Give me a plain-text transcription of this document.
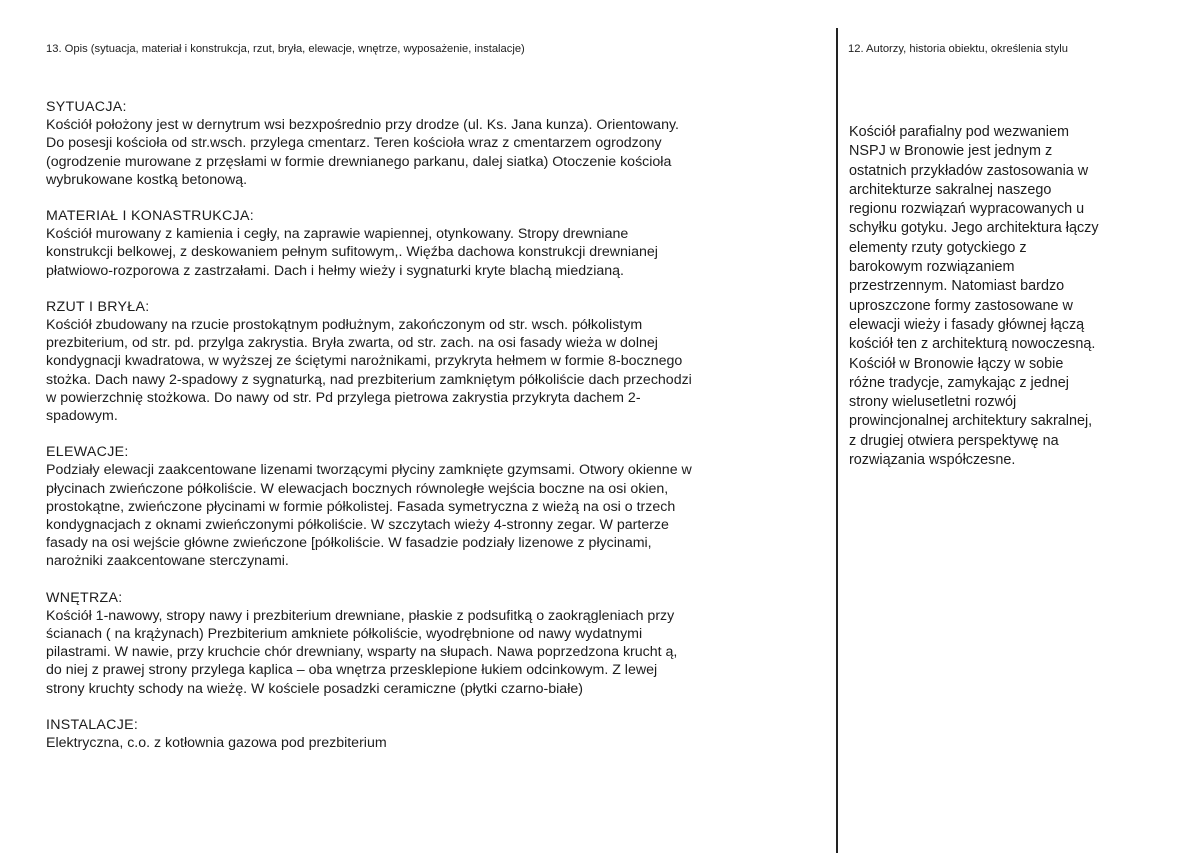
13. Opis (sytuacja, materiał i konstrukcja, rzut, bryła, elewacje, wnętrze, wyposażenie, instalacje)
SYTUACJA:
Kościół położony jest w dernytrum wsi bezxpośrednio przy drodze (ul. Ks. Jana kunza). Orientowany.
Do posesji kościoła od str.wsch. przylega cmentarz. Teren kościoła wraz z cmentarzem ogrodzony
(ogrodzenie murowane z przęsłami w formie drewnianego parkanu, dalej siatka) Otoczenie kościoła
wybrukowane kostką betonową.
MATERIAŁ I KONASTRUKCJA:
Kościół murowany z kamienia i cegły, na zaprawie wapiennej, otynkowany. Stropy drewniane
konstrukcji belkowej, z deskowaniem pełnym sufitowym,. Więźba dachowa konstrukcji drewnianej
płatwiowo-rozporowa z zastrzałami. Dach i hełmy wieży i sygnaturki kryte blachą miedzianą.
RZUT I BRYŁA:
Kościół zbudowany na rzucie prostokątnym podłużnym, zakończonym od str. wsch. półkolistym
prezbiterium, od str. pd. przylga zakrystia. Bryła zwarta, od str. zach. na osi fasady wieża w dolnej
kondygnacji kwadratowa, w wyższej ze ściętymi narożnikami, przykryta hełmem w formie 8-bocznego
stożka. Dach nawy 2-spadowy z sygnaturką, nad prezbiterium zamkniętym półkoliście dach przechodzi
w powierzchnię stożkowa. Do nawy od str. Pd przylega pietrowa zakrystia przykryta dachem 2-
spadowym.
ELEWACJE:
Podziały elewacji zaakcentowane lizenami tworzącymi płyciny zamknięte gzymsami. Otwory okienne w
płycinach zwieńczone półkoliście. W elewacjach bocznych równoległe wejścia boczne na osi okien,
prostokątne, zwieńczone płycinami w formie półkolistej. Fasada symetryczna z wieżą na osi o trzech
kondygnacjach z oknami zwieńczonymi półkoliście. W szczytach wieży 4-stronny zegar. W parterze
fasady na osi wejście główne zwieńczone [półkoliście. W fasadzie podziały lizenowe z płycinami,
narożniki zaakcentowane sterczynami.
WNĘTRZA:
Kościół 1-nawowy, stropy nawy i prezbiterium drewniane, płaskie z podsufitką o zaokrągleniach przy
ścianach ( na krążynach) Prezbiterium amkniete półkoliście, wyodrębnione od nawy wydatnymi
pilastrami. W nawie, przy kruchcie chór drewniany, wsparty na słupach. Nawa poprzedzona krucht ą,
do niej z prawej strony przylega kaplica – oba wnętrza przesklepione łukiem odcinkowym. Z lewej
strony kruchty schody na wieżę. W kościele posadzki ceramiczne (płytki czarno-białe)
INSTALACJE:
Elektryczna, c.o. z kotłownia gazowa pod prezbiterium
12. Autorzy, historia obiektu, określenia stylu
Kościół parafialny pod wezwaniem
NSPJ w Bronowie jest jednym z
ostatnich przykładów zastosowania w
architekturze sakralnej naszego
regionu rozwiązań wypracowanych u
schyłku gotyku. Jego architektura łączy
elementy rzuty gotyckiego z
barokowym rozwiązaniem
przestrzennym. Natomiast bardzo
uproszczone formy zastosowane w
elewacji wieży i fasady głównej łączą
kościół ten z architekturą nowoczesną.
Kościół w Bronowie łączy w sobie
różne tradycje, zamykając z jednej
strony wielusetletni rozwój
prowincjonalnej architektury sakralnej,
z drugiej otwiera perspektywę na
rozwiązania współczesne.
